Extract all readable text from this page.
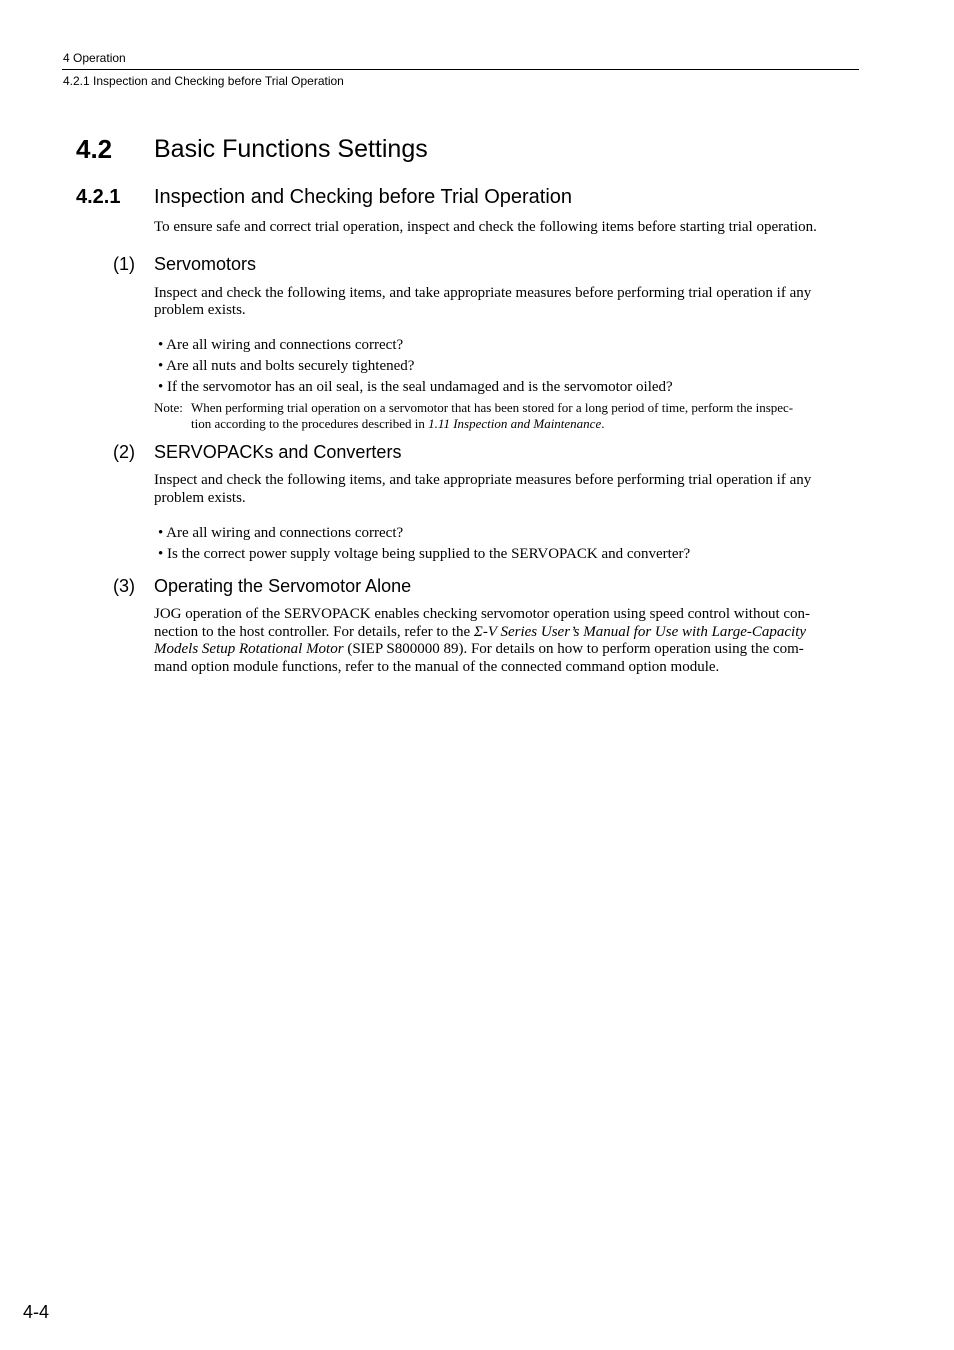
4 Operation
4.2.1 Inspection and Checking before Trial Operation
4.2 Basic Functions Settings
4.2.1 Inspection and Checking before Trial Operation
To ensure safe and correct trial operation, inspect and check the following items before starting trial operation.
(1) Servomotors
Inspect and check the following items, and take appropriate measures before performing trial operation if any
problem exists.
• Are all wiring and connections correct?
• Are all nuts and bolts securely tightened?
• If the servomotor has an oil seal, is the seal undamaged and is the servomotor oiled?
Note: When performing trial operation on a servomotor that has been stored for a long period of time, perform the inspec-
tion according to the procedures described in 1.11 Inspection and Maintenance.
(2) SERVOPACKs and Converters
Inspect and check the following items, and take appropriate measures before performing trial operation if any
problem exists.
• Are all wiring and connections correct?
• Is the correct power supply voltage being supplied to the SERVOPACK and converter?
(3) Operating the Servomotor Alone
JOG operation of the SERVOPACK enables checking servomotor operation using speed control without con-
nection to the host controller. For details, refer to the Σ-V Series User’s Manual for Use with Large-Capacity
Models Setup Rotational Motor (SIEP S800000 89). For details on how to perform operation using the com-
mand option module functions, refer to the manual of the connected command option module.
4-4
